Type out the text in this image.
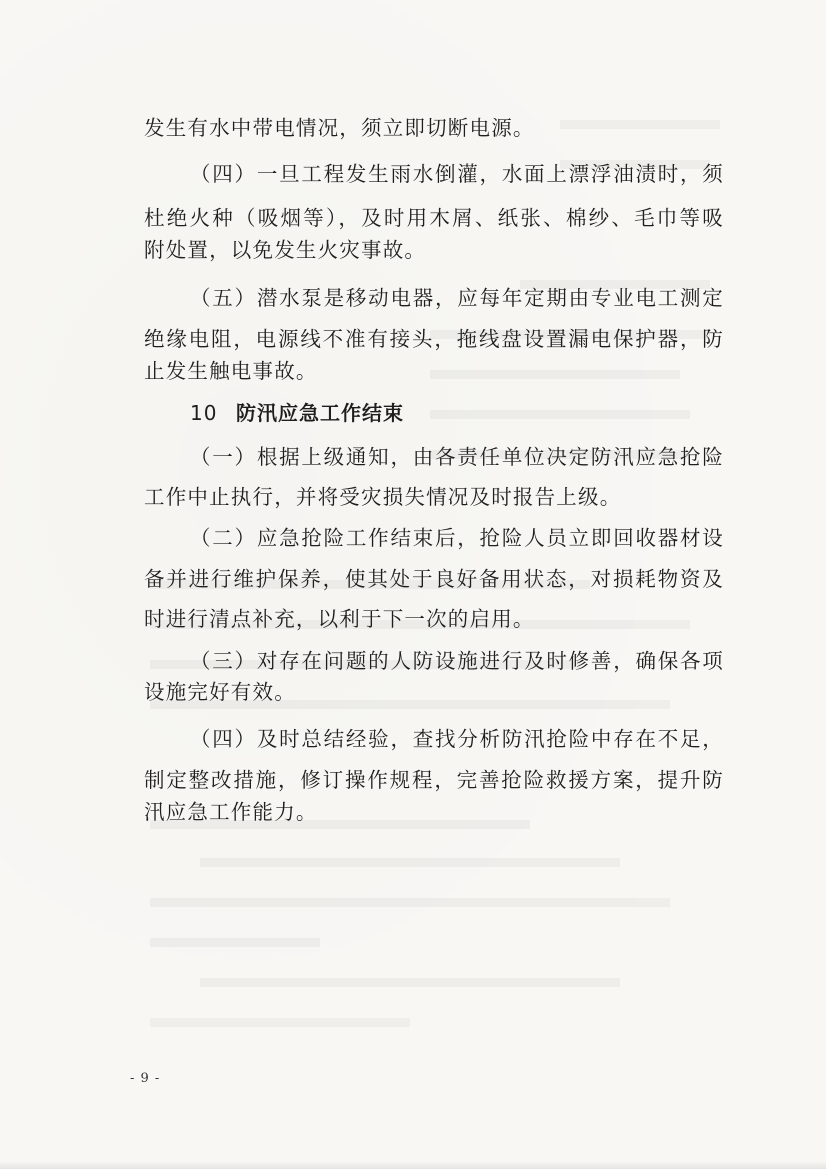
发生有水中带电情况，须立即切断电源。
（四）一旦工程发生雨水倒灌，水面上漂浮油渍时，须
杜绝火种（吸烟等），及时用木屑、纸张、棉纱、毛巾等吸
附处置，以免发生火灾事故。
（五）潜水泵是移动电器，应每年定期由专业电工测定
绝缘电阻，电源线不准有接头，拖线盘设置漏电保护器，防
止发生触电事故。
10 防汛应急工作结束
（一）根据上级通知，由各责任单位决定防汛应急抢险
工作中止执行，并将受灾损失情况及时报告上级。
（二）应急抢险工作结束后，抢险人员立即回收器材设
备并进行维护保养，使其处于良好备用状态，对损耗物资及
时进行清点补充，以利于下一次的启用。
（三）对存在问题的人防设施进行及时修善，确保各项
设施完好有效。
（四）及时总结经验，查找分析防汛抢险中存在不足，
制定整改措施，修订操作规程，完善抢险救援方案，提升防
汛应急工作能力。
- 9 -
